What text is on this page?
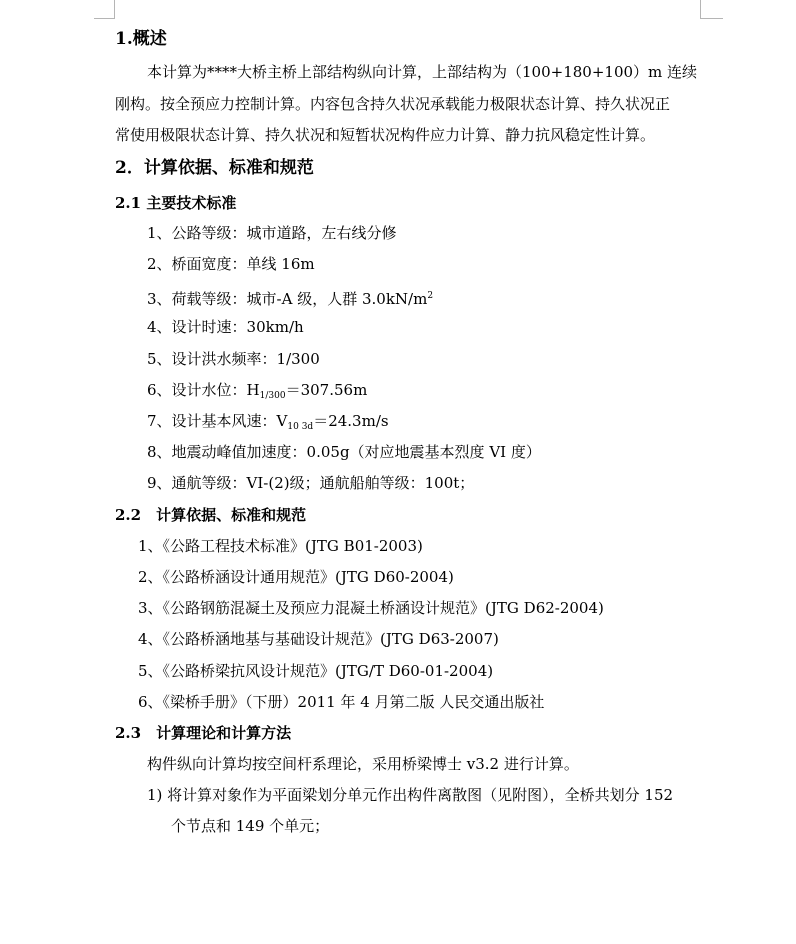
1.概述
本计算为****大桥主桥上部结构纵向计算，上部结构为（100+180+100）m 连续
刚构。按全预应力控制计算。内容包含持久状况承载能力极限状态计算、持久状况正
常使用极限状态计算、持久状况和短暂状况构件应力计算、静力抗风稳定性计算。
2．计算依据、标准和规范
2.1 主要技术标准
1、公路等级：城市道路，左右线分修
2、桥面宽度：单线 16m
3、荷载等级：城市-A 级，人群 $3.0kN/m^2$
4、设计时速：30km/h
5、设计洪水频率：1/300
6、设计水位：$H_{1/300}=307.56m$
7、设计基本风速：$V_{10 3d}=24.3m/s$
8、地震动峰值加速度：0.05g（对应地震基本烈度 VI 度）
9、通航等级：VI-(2)级；通航船舶等级：100t；
2.2　计算依据、标准和规范
1、《公路工程技术标准》(JTG B01-2003)
2、《公路桥涵设计通用规范》(JTG D60-2004)
3、《公路钢筋混凝土及预应力混凝土桥涵设计规范》(JTG D62-2004)
4、《公路桥涵地基与基础设计规范》(JTG D63-2007)
5、《公路桥梁抗风设计规范》(JTG/T D60-01-2004)
6、《梁桥手册》（下册）2011 年 4 月第二版 人民交通出版社
2.3　计算理论和计算方法
构件纵向计算均按空间杆系理论，采用桥梁博士 v3.2 进行计算。
1) 将计算对象作为平面梁划分单元作出构件离散图（见附图），全桥共划分 152
个节点和 149 个单元；
